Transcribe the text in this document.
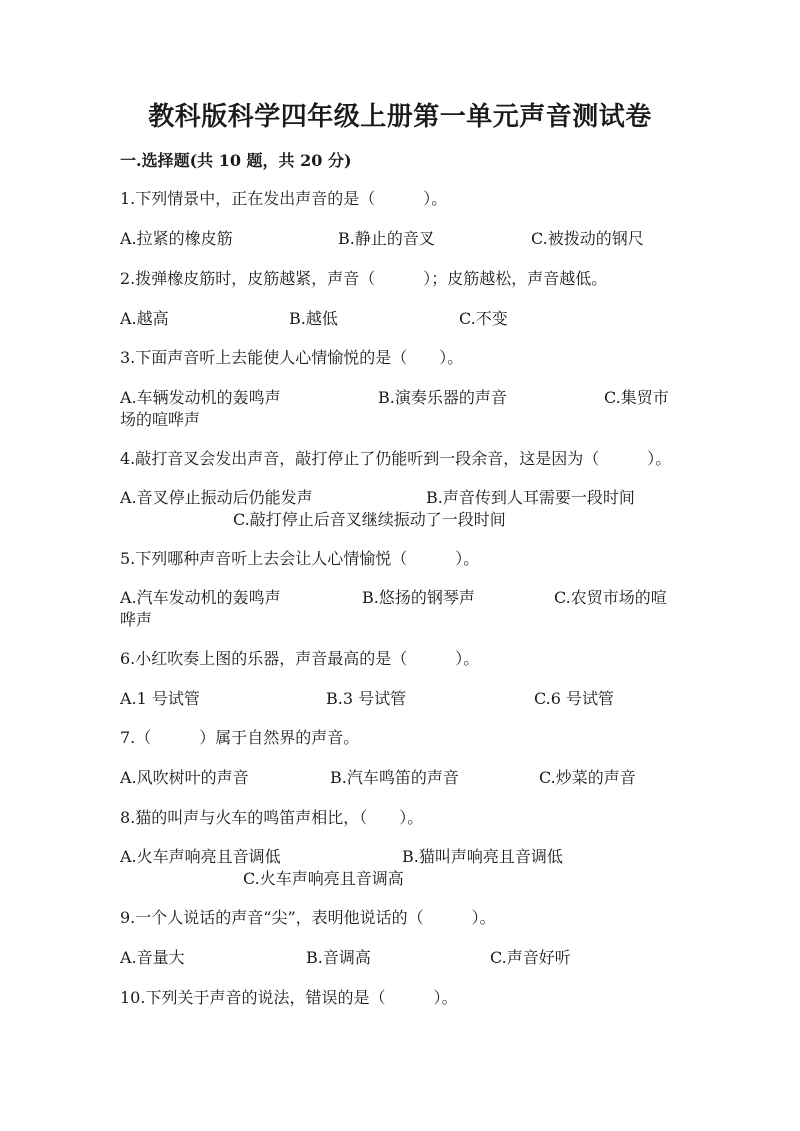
教科版科学四年级上册第一单元声音测试卷
一.选择题(共 10 题，共 20 分)
1.下列情景中，正在发出声音的是（　　　）。
A.拉紧的橡皮筋	B.静止的音叉	C.被拨动的钢尺
2.拨弹橡皮筋时，皮筋越紧，声音（　　　）；皮筋越松，声音越低。
A.越高	B.越低	C.不变
3.下面声音听上去能使人心情愉悦的是（　　）。
A.车辆发动机的轰鸣声	B.演奏乐器的声音	C.集贸市
场的喧哗声
4.敲打音叉会发出声音，敲打停止了仍能听到一段余音，这是因为（　　　）。
A.音叉停止振动后仍能发声	B.声音传到人耳需要一段时间
C.敲打停止后音叉继续振动了一段时间
5.下列哪种声音听上去会让人心情愉悦（　　　）。
A.汽车发动机的轰鸣声	B.悠扬的钢琴声	C.农贸市场的喧
哗声
6.小红吹奏上图的乐器，声音最高的是（　　　）。
A.1 号试管	B.3 号试管	C.6 号试管
7.（　　　）属于自然界的声音。
A.风吹树叶的声音	B.汽车鸣笛的声音	C.炒菜的声音
8.猫的叫声与火车的鸣笛声相比，（　　）。
A.火车声响亮且音调低	B.猫叫声响亮且音调低
C.火车声响亮且音调高
9.一个人说话的声音“尖”，表明他说话的（　　　）。
A.音量大	B.音调高	C.声音好听
10.下列关于声音的说法，错误的是（　　　）。
